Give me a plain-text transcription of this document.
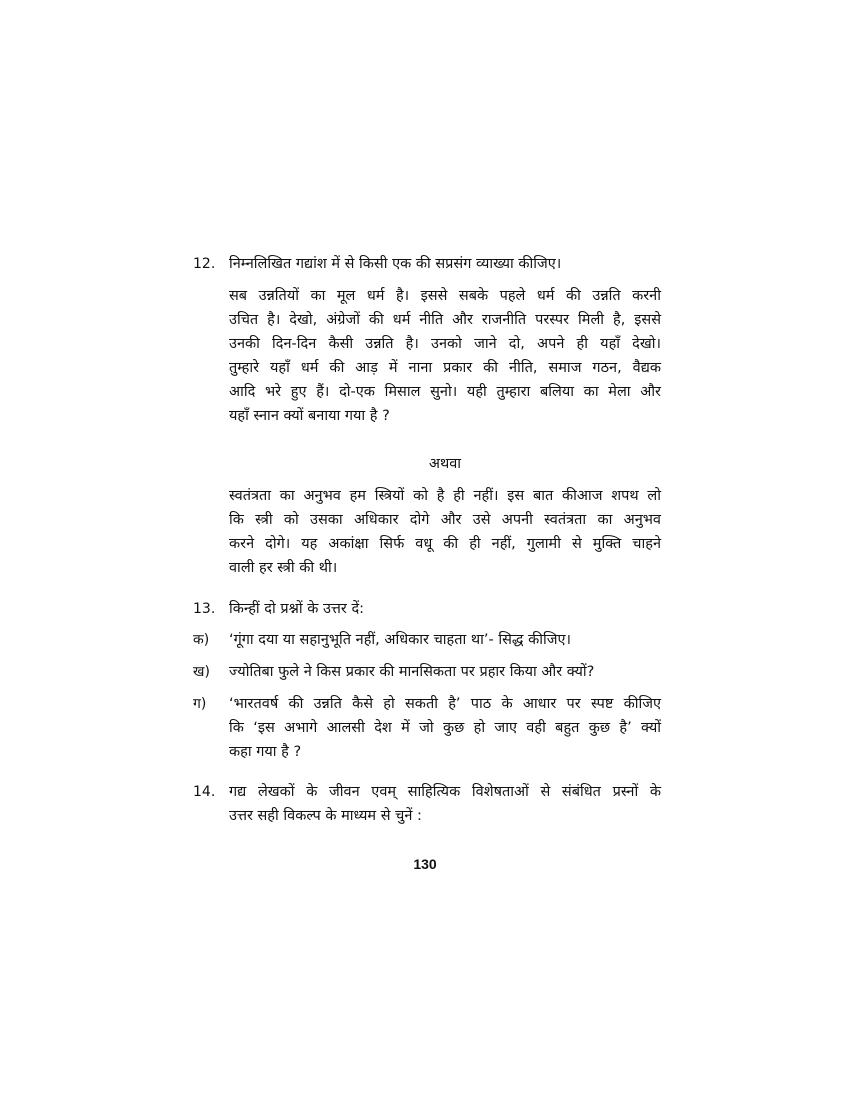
12. निम्नलिखित गद्यांश में से किसी एक की सप्रसंग व्याख्या कीजिए।
सब उन्नतियों का मूल धर्म है। इससे सबके पहले धर्म की उन्नति करनी
उचित है। देखो, अंग्रेजों की धर्म नीति और राजनीति परस्पर मिली है, इससे
उनकी दिन-दिन कैसी उन्नति है। उनको जाने दो, अपने ही यहाँ देखो।
तुम्हारे यहाँ धर्म की आड़ में नाना प्रकार की नीति, समाज गठन, वैद्यक
आदि भरे हुए हैं। दो-एक मिसाल सुनो। यही तुम्हारा बलिया का मेला और
यहाँ स्नान क्यों बनाया गया है ?
अथवा
स्वतंत्रता का अनुभव हम स्त्रियों को है ही नहीं। इस बात कीआज शपथ लो
कि स्त्री को उसका अधिकार दोगे और उसे अपनी स्वतंत्रता का अनुभव
करने दोगे। यह अकांक्षा सिर्फ वधू की ही नहीं, गुलामी से मुक्ति चाहने
वाली हर स्त्री की थी।
13. किन्हीं दो प्रश्नों के उत्तर दें:
क)	‘गूंगा दया या सहानुभूति नहीं, अधिकार चाहता था’- सिद्ध कीजिए।
ख)	ज्योतिबा फुले ने किस प्रकार की मानसिकता पर प्रहार किया और क्यों?
ग)	‘भारतवर्ष की उन्नति कैसे हो सकती है’ पाठ के आधार पर स्पष्ट कीजिए
कि ‘इस अभागे आलसी देश में जो कुछ हो जाए वही बहुत कुछ है’ क्यों
कहा गया है ?
14. गद्य लेखकों के जीवन एवम् साहित्यिक विशेषताओं से संबंधित प्रस्नों के
उत्तर सही विकल्प के माध्यम से चुनें :
130
